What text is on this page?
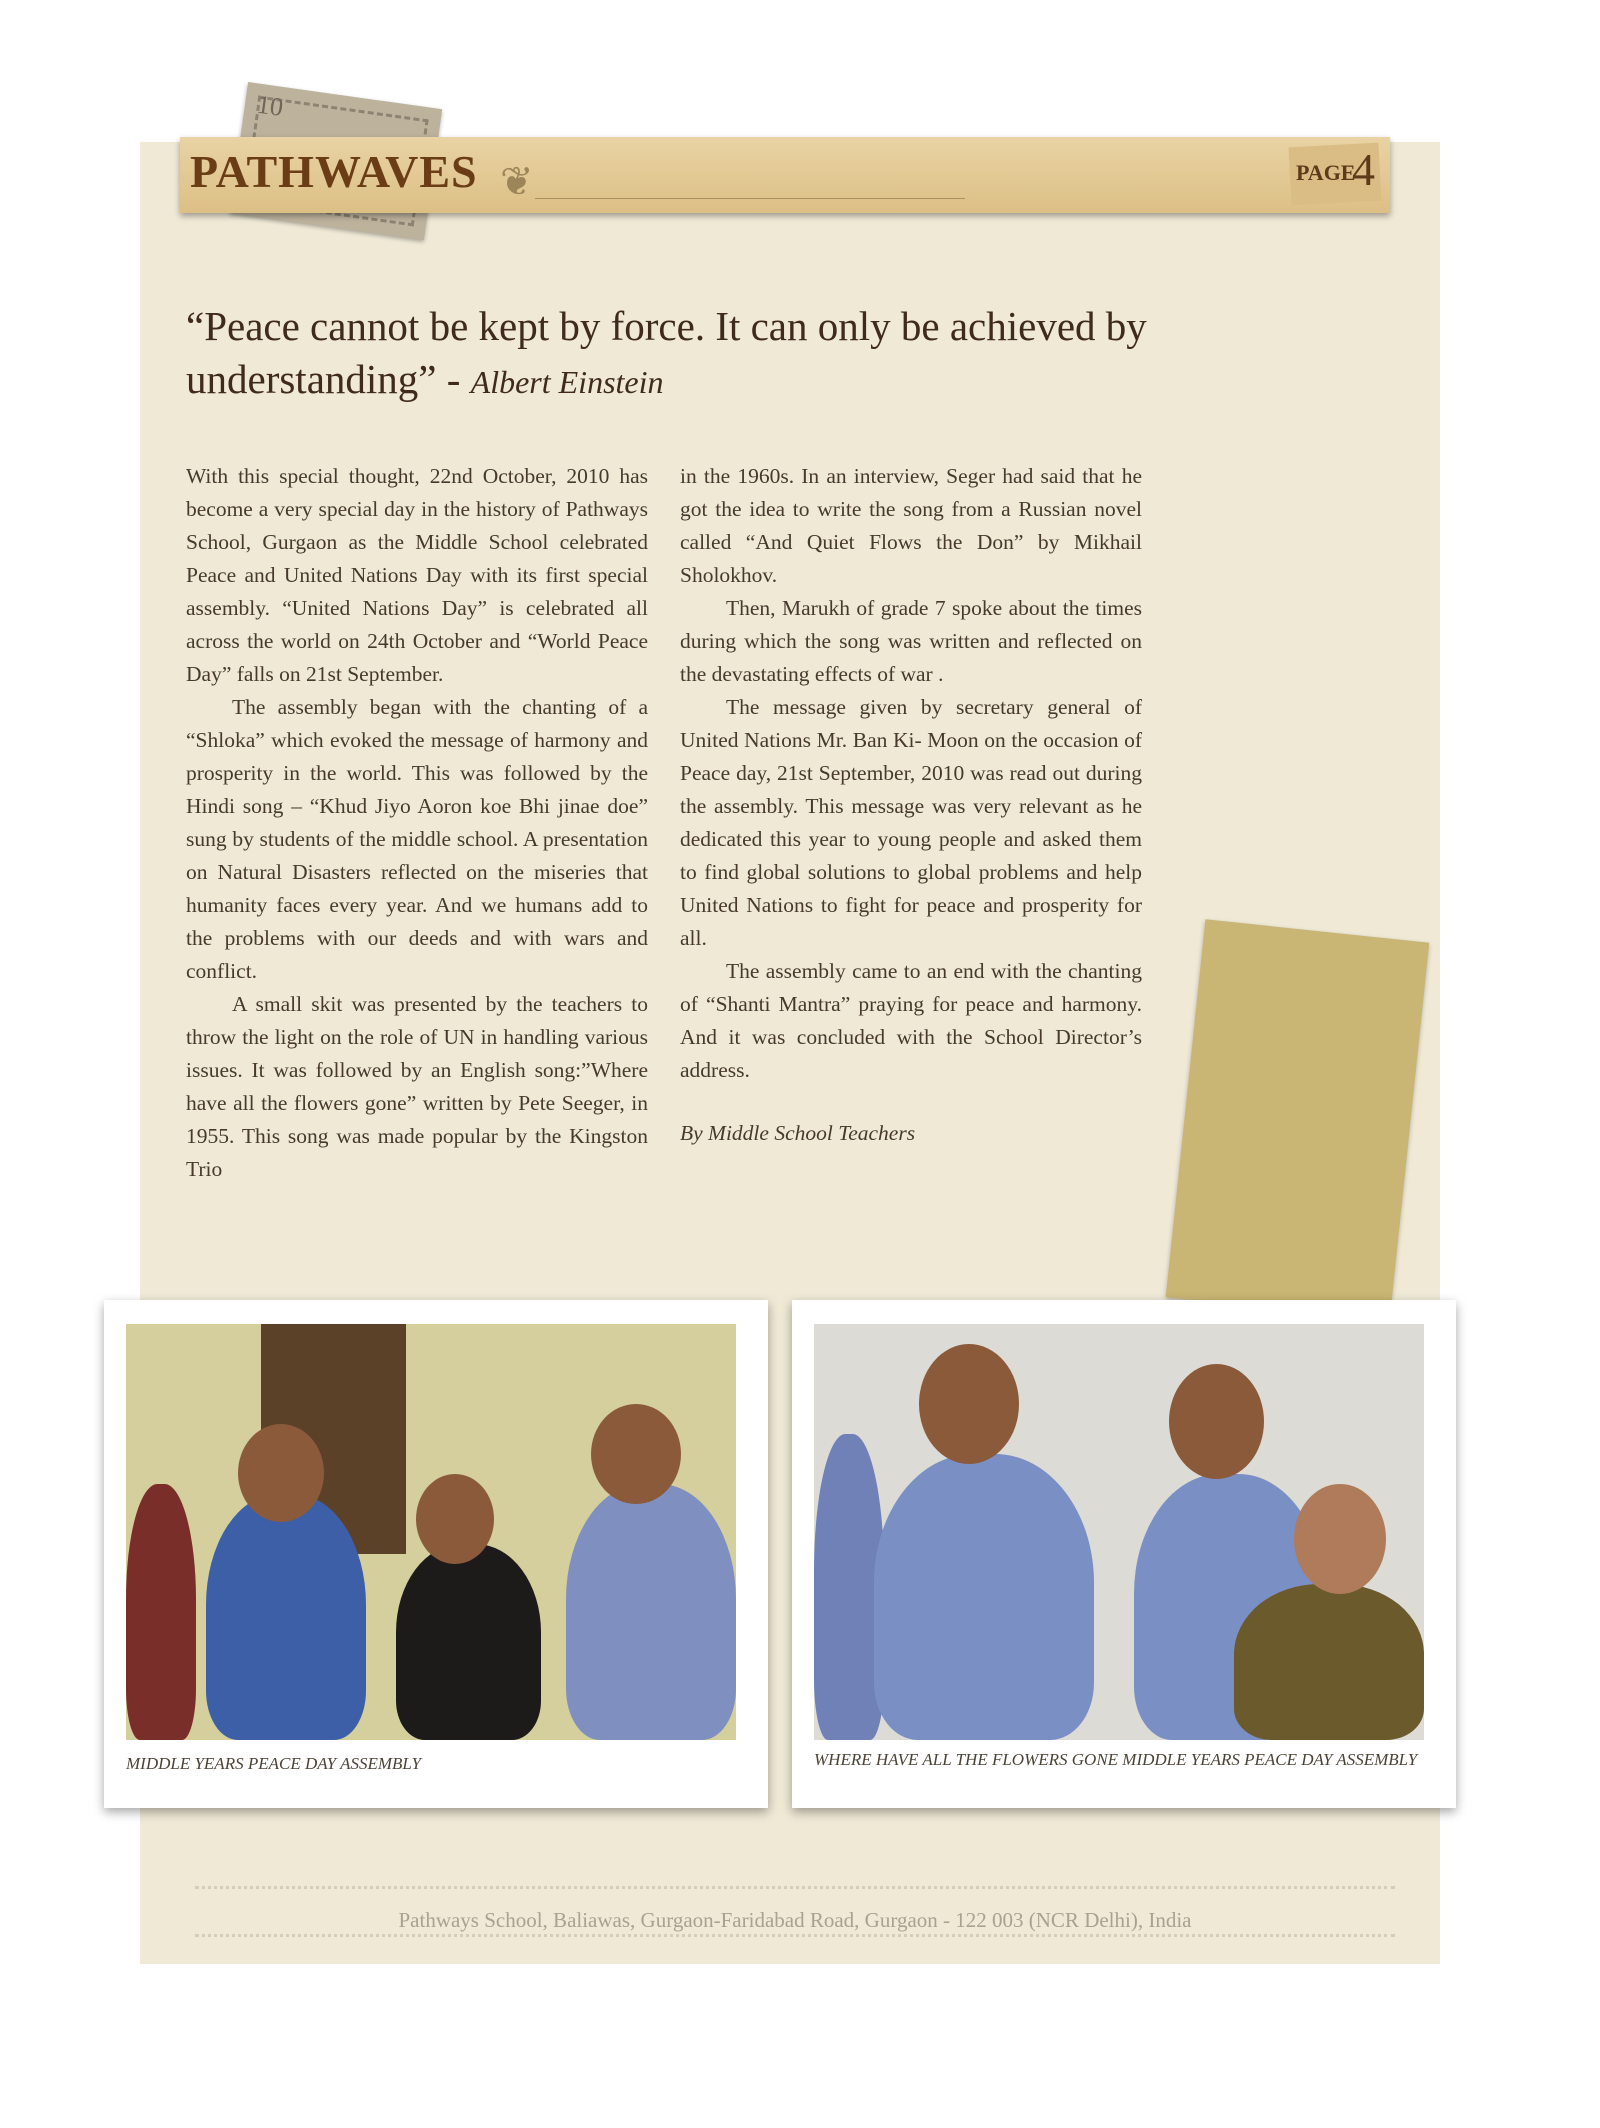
10
PATHWAVES ❦	PAGE
4
“Peace cannot be kept by force. It can only be achieved by understanding” - Albert Einstein

With this special thought, 22nd October, 2010 has become a very special day in the history of Pathways School, Gurgaon as the Middle School celebrated Peace and United Nations Day with its first special assembly. “United Nations Day” is celebrated all across the world on 24th October and “World Peace Day” falls on 21st September.

The assembly began with the chanting of a “Shloka” which evoked the message of harmony and prosperity in the world. This was followed by the Hindi song – “Khud Jiyo Aoron koe Bhi jinae doe” sung by students of the middle school. A presentation on Natural Disasters reflected on the miseries that humanity faces every year. And we humans add to the problems with our deeds and with wars and conflict.

A small skit was presented by the teachers to throw the light on the role of UN in handling various issues. It was followed by an English song:”Where have all the flowers gone” written by Pete Seeger, in 1955. This song was made popular by the Kingston Trio

in the 1960s. In an interview, Seger had said that he got the idea to write the song from a Russian novel called “And Quiet Flows the Don” by Mikhail Sholokhov.

Then, Marukh of grade 7 spoke about the times during which the song was written and reflected on the devastating effects of war .

The message given by secretary general of United Nations Mr. Ban Ki- Moon on the occasion of Peace day, 21st September, 2010 was read out during the assembly. This message was very relevant as he dedicated this year to young people and asked them to find global solutions to global problems and help United Nations to fight for peace and prosperity for all.

The assembly came to an end with the chanting of “Shanti Mantra” praying for peace and harmony. And it was concluded with the School Director’s address.

By Middle School Teachers

MIDDLE YEARS PEACE DAY ASSEMBLY	WHERE HAVE ALL THE FLOWERS GONE MIDDLE YEARS PEACE DAY ASSEMBLY
Pathways School, Baliawas, Gurgaon-Faridabad Road, Gurgaon - 122 003 (NCR Delhi), India
